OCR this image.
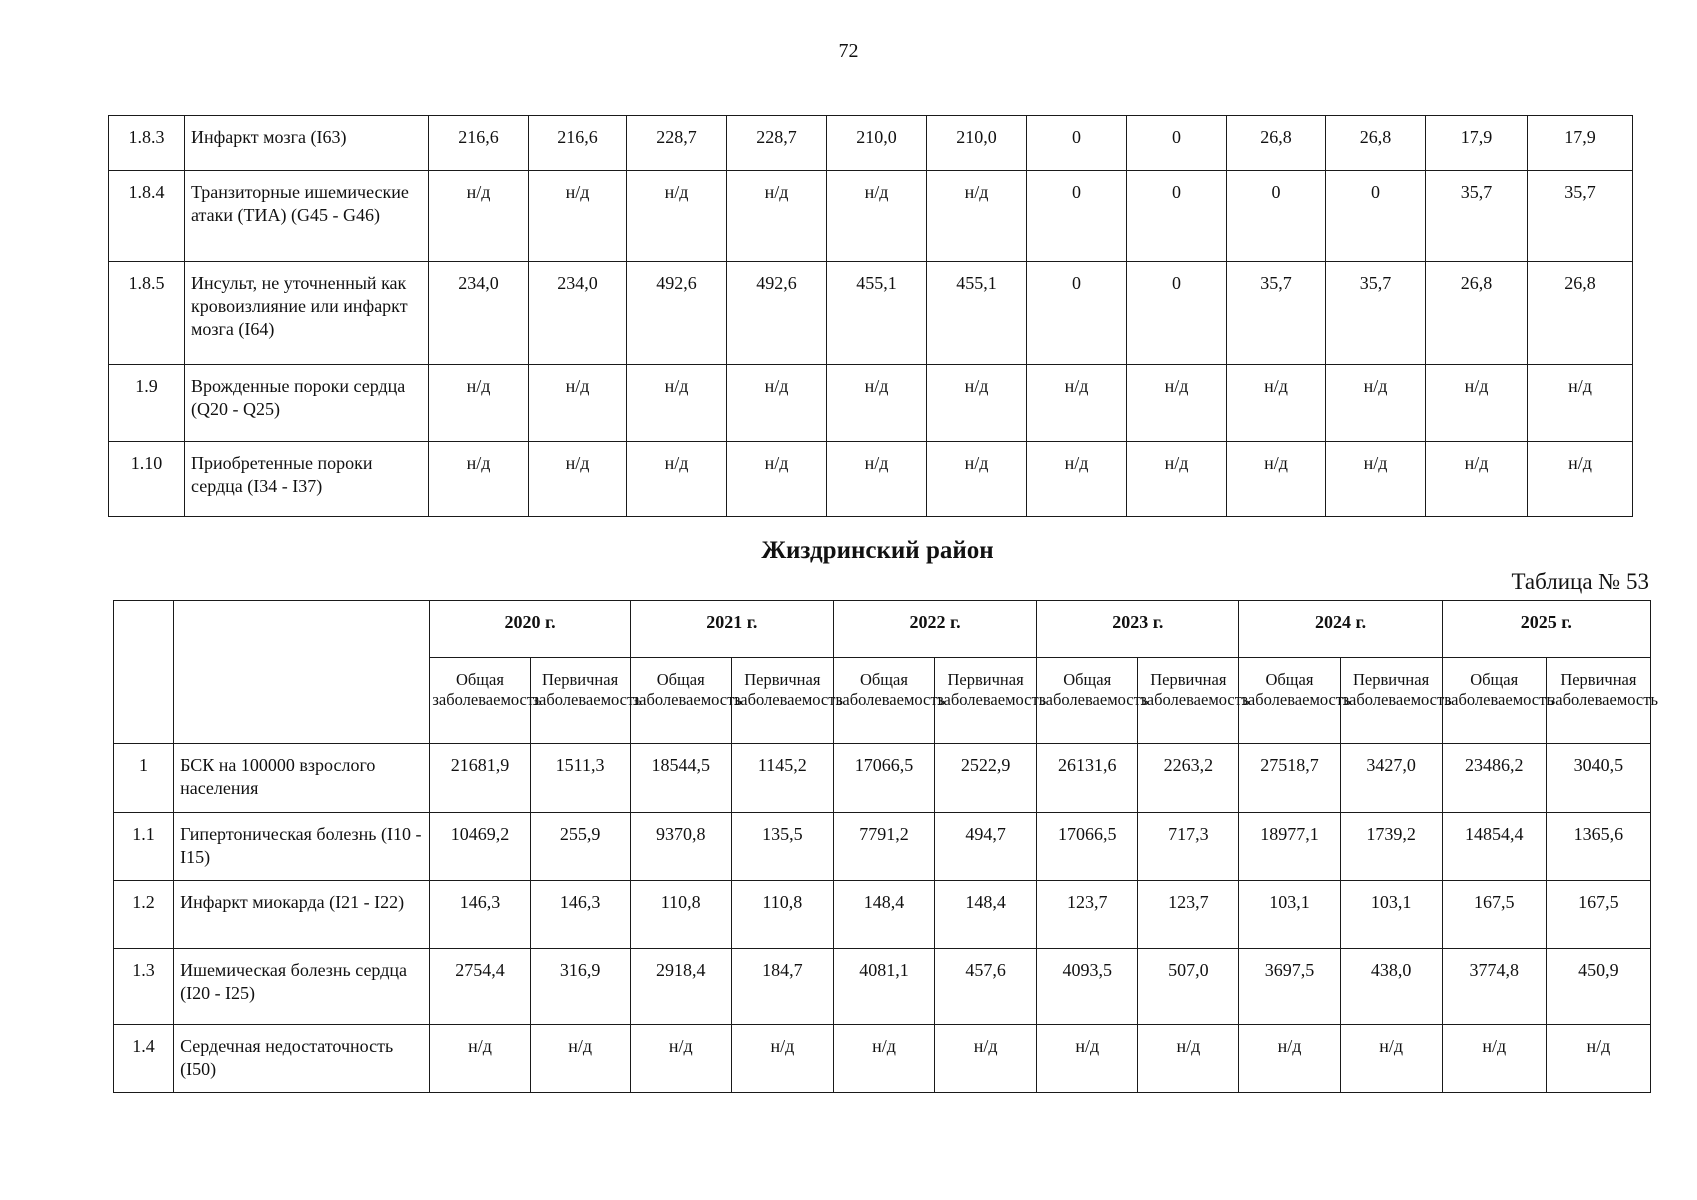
72
1.8.3	Инфаркт мозга (I63)	216,6	216,6	228,7	228,7	210,0	210,0	0	0	26,8	26,8	17,9	17,9
1.8.4	Транзиторные ишемические атаки (ТИА) (G45 - G46)	н/д	н/д	н/д	н/д	н/д	н/д	0	0	0	0	35,7	35,7
1.8.5	Инсульт, не уточненный как кровоизлияние или инфаркт мозга (I64)	234,0	234,0	492,6	492,6	455,1	455,1	0	0	35,7	35,7	26,8	26,8
1.9	Врожденные пороки сердца (Q20 - Q25)	н/д	н/д	н/д	н/д	н/д	н/д	н/д	н/д	н/д	н/д	н/д	н/д
1.10	Приобретенные пороки сердца (I34 - I37)	н/д	н/д	н/д	н/д	н/д	н/д	н/д	н/д	н/д	н/д	н/д	н/д
Жиздринский район
Таблица № 53
		2020 г.		2021 г.		2022 г.		2023 г.		2024 г.		2025 г.	
		Общая заболеваемость	Первичная заболеваемость	Общая заболеваемость	Первичная заболеваемость	Общая заболеваемость	Первичная заболеваемость	Общая заболеваемость	Первичная заболеваемость	Общая заболеваемость	Первичная заболеваемость	Общая заболеваемость	Первичная заболеваемость
1	БСК на 100000 взрослого населения	21681,9	1511,3	18544,5	1145,2	17066,5	2522,9	26131,6	2263,2	27518,7	3427,0	23486,2	3040,5
1.1	Гипертоническая болезнь (I10 - I15)	10469,2	255,9	9370,8	135,5	7791,2	494,7	17066,5	717,3	18977,1	1739,2	14854,4	1365,6
1.2	Инфаркт миокарда (I21 - I22)	146,3	146,3	110,8	110,8	148,4	148,4	123,7	123,7	103,1	103,1	167,5	167,5
1.3	Ишемическая болезнь сердца (I20 - I25)	2754,4	316,9	2918,4	184,7	4081,1	457,6	4093,5	507,0	3697,5	438,0	3774,8	450,9
1.4	Сердечная недостаточность (I50)	н/д	н/д	н/д	н/д	н/д	н/д	н/д	н/д	н/д	н/д	н/д	н/д
